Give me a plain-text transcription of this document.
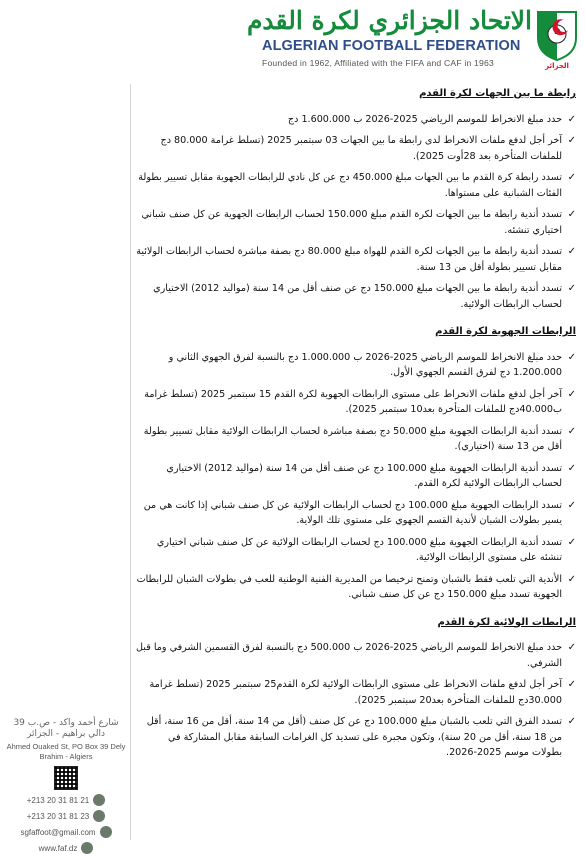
الاتحاد الجزائري لكرة القدم
ALGERIAN FOOTBALL FEDERATION
Founded in 1962, Affiliated with the FIFA and CAF in 1963	الجزائر
رابطة ما بين الجهات لكرة القدم
✓
حدد مبلغ الانخراط للموسم الرياضي 2025-2026 ب 1.600.000 دج
✓
آخر أجل لدفع ملفات الانخراط لدى رابطة ما بين الجهات 03 سبتمبر 2025 (تسلط غرامة 80.000 دج للملفات المتأخرة بعد 28أوت 2025).
✓
تسدد رابطة كرة القدم ما بين الجهات مبلغ 450.000 دج عن كل نادي للرابطات الجهوية مقابل تسيير بطولة الفئات الشبانية على مستواها.
✓
تسدد أندية رابطة ما بين الجهات لكرة القدم مبلغ 150.000 لحساب الرابطات الجهوية عن كل صنف شباني اختياري تنشئه.
✓
تسدد أندية رابطة ما بين الجهات لكرة القدم للهواة مبلغ 80.000 دج بصفة مباشرة لحساب الرابطات الولائية مقابل تسيير بطولة أقل من 13 سنة.
✓
تسدد أندية رابطة ما بين الجهات مبلغ 150.000 دج عن صنف أقل من 14 سنة (مواليد 2012) الاختياري لحساب الرابطات الولائية.
الرابطات الجهوية لكرة القدم
✓
حدد مبلغ الانخراط للموسم الرياضي 2025-2026 ب 1.000.000 دج بالنسبة لفرق الجهوي الثاني و 1.200.000 دج لفرق القسم الجهوي الأول.
✓
آخر أجل لدفع ملفات الانخراط على مستوى الرابطات الجهوية لكرة القدم 15 سبتمبر 2025 (تسلط غرامة ب40.000دج للملفات المتأخرة بعد10 سبتمبر 2025).
✓
تسدد أندية الرابطات الجهوية مبلغ 50.000 دج بصفة مباشرة لحساب الرابطات الولائية مقابل تسيير بطولة أقل من 13 سنة (اختياري).
✓
تسدد أندية الرابطات الجهوية مبلغ 100.000 دج عن صنف أقل من 14 سنة (مواليد 2012) الاختياري لحساب الرابطات الولائية لكرة القدم.
✓
تسدد الرابطات الجهوية مبلغ 100.000 دج لحساب الرابطات الولائية عن كل صنف شباني إذا كانت هي من يسير بطولات الشبان لأندية القسم الجهوي على مستوى تلك الولاية.
✓
تسدد أندية الرابطات الجهوية مبلغ 100.000 دج لحساب الرابطات الولائية عن كل صنف شباني اختياري تنشئه على مستوى الرابطات الولائية.
✓
الأندية التي تلعب فقط بالشبان وتمنح ترخيصا من المديرية الفنية الوطنية للعب في بطولات الشبان للرابطات الجهوية تسدد مبلغ 150.000 دج عن كل صنف شباني.
الرابطات الولائية لكرة القدم
✓
حدد مبلغ الانخراط للموسم الرياضي 2025-2026 ب 500.000 دج بالنسبة لفرق القسمين الشرفي وما قبل الشرفي.
✓
آخر أجل لدفع ملفات الانخراط على مستوى الرابطات الولائية لكرة القدم25 سبتمبر 2025 (تسلط غرامة 30.000دج للملفات المتأخرة بعد20 سبتمبر 2025).
✓
تسدد الفرق التي تلعب بالشبان مبلغ 100.000 دج عن كل صنف (أقل من 14 سنة، أقل من 16 سنة، أقل من 18 سنة، أقل من 20 سنة)، وتكون مجبرة على تسديد كل الغرامات السابقة مقابل المشاركة في بطولات موسم 2025-2026.
شارع أحمد واكد - ص.ب 39 دالي براهيم - الجزائر
Ahmed Ouaked St, PO Box 39 Dely Brahim - Algiers
+213 20 31 81 21
+213 20 31 81 23
sgfaffoot@gmail.com
www.faf.dz
